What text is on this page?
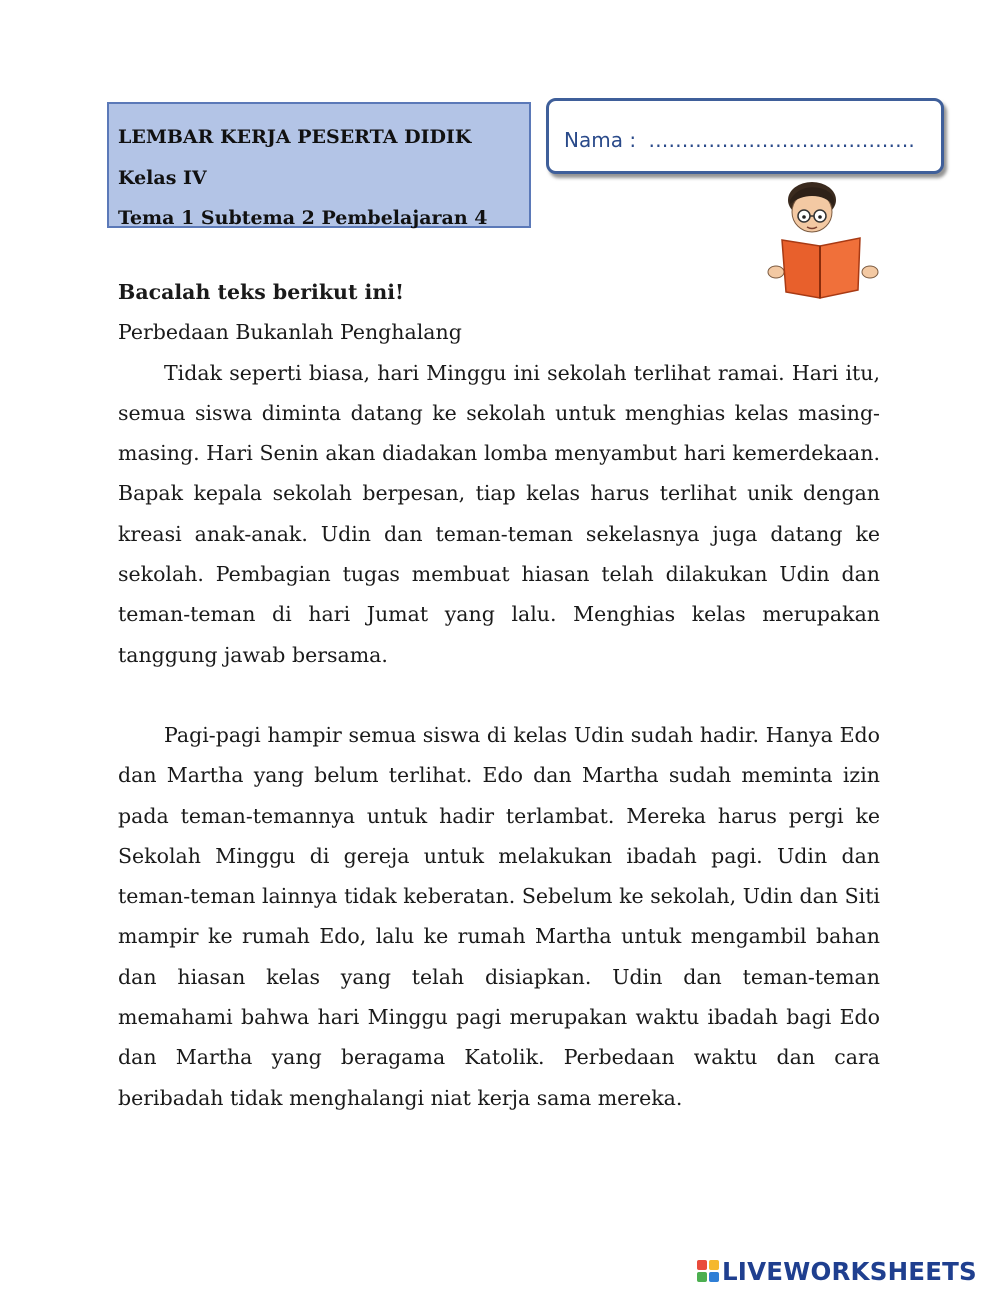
LEMBAR KERJA PESERTA DIDIK
Kelas IV
Tema 1 Subtema 2 Pembelajaran 4
Nama : ………………………………….
Bacalah teks berikut ini!
Perbedaan Bukanlah Penghalang

Tidak seperti biasa, hari Minggu ini sekolah terlihat ramai. Hari itu, semua siswa diminta datang ke sekolah untuk menghias kelas masing-masing. Hari Senin akan diadakan lomba menyambut hari kemerdekaan. Bapak kepala sekolah berpesan, tiap kelas harus terlihat unik dengan kreasi anak-anak. Udin dan teman-teman sekelasnya juga datang ke sekolah. Pembagian tugas membuat hiasan telah dilakukan Udin dan teman-teman di hari Jumat yang lalu. Menghias kelas merupakan tanggung jawab bersama.

Pagi-pagi hampir semua siswa di kelas Udin sudah hadir. Hanya Edo dan Martha yang belum terlihat. Edo dan Martha sudah meminta izin pada teman-temannya untuk hadir terlambat. Mereka harus pergi ke Sekolah Minggu di gereja untuk melakukan ibadah pagi. Udin dan teman-teman lainnya tidak keberatan. Sebelum ke sekolah, Udin dan Siti mampir ke rumah Edo, lalu ke rumah Martha untuk mengambil bahan dan hiasan kelas yang telah disiapkan. Udin dan teman-teman memahami bahwa hari Minggu pagi merupakan waktu ibadah bagi Edo dan Martha yang beragama Katolik. Perbedaan waktu dan cara beribadah tidak menghalangi niat kerja sama mereka.

LIVEWORKSHEETS
